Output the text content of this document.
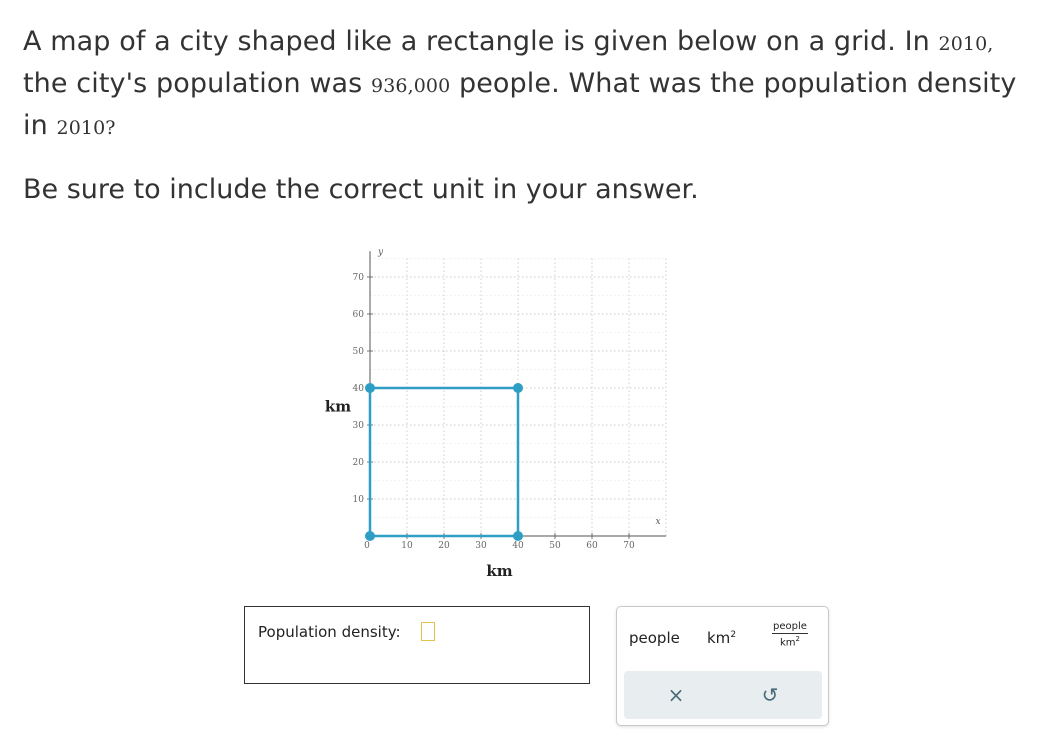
A map of a city shaped like a rectangle is given below on a grid. In 2010,
the city's population was 936,000 people. What was the population density
in 2010?
Be sure to include the correct unit in your answer.
0	10	20	30	40	50	60	70
10
20
30
40
50
60
70
y
x
km
km
Population density:	people $km^2$
people
$km^2$
×	↺
